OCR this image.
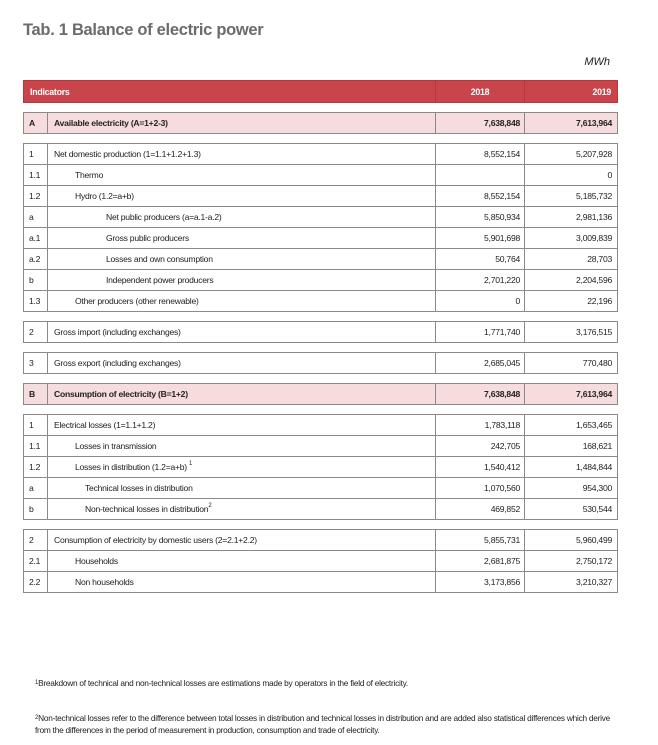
Tab. 1 Balance of electric power
MWh
Indicators		2018	2019

A	Available electricity (A=1+2-3)	7,638,848	7,613,964

1	Net domestic production (1=1.1+1.2+1.3)	8,552,154	5,207,928
1.1	Thermo		0
1.2	Hydro (1.2=a+b)	8,552,154	5,185,732
a	Net public producers (a=a.1-a.2)	5,850,934	2,981,136
a.1	Gross public producers	5,901,698	3,009,839
a.2	Losses and own consumption	50,764	28,703
b	Independent power producers	2,701,220	2,204,596
1.3	Other producers (other renewable)	0	22,196

2	Gross import (including exchanges)	1,771,740	3,176,515

3	Gross export (including exchanges)	2,685,045	770,480

B	Consumption of electricity (B=1+2)	7,638,848	7,613,964

1	Electrical losses (1=1.1+1.2)	1,783,118	1,653,465
1.1	Losses in transmission	242,705	168,621
1.2	Losses in distribution (1.2=a+b) $^1$	1,540,412	1,484,844
a	Technical losses in distribution	1,070,560	954,300
b	Non-technical losses in distribution$^2$	469,852	530,544

2	Consumption of electricity by domestic users (2=2.1+2.2)	5,855,731	5,960,499
2.1	Households	2,681,875	2,750,172
2.2	Non households	3,173,856	3,210,327
$^1$Breakdown of technical and non-technical losses are estimations made by operators in the field of electricity.
$^2$Non-technical losses refer to the difference between total losses in distribution and technical losses in distribution and are added also statistical differences which derive from the differences in the period of measurement in production, consumption and trade of electricity.
